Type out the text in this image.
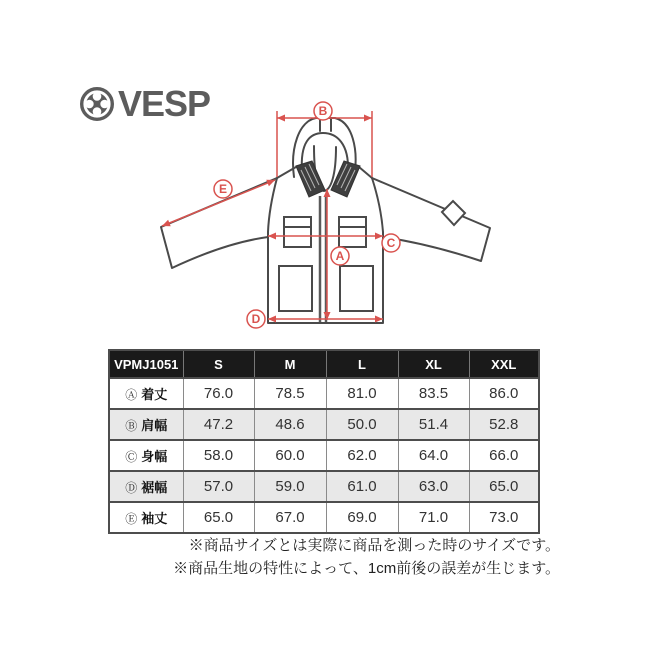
VESP	B
E
C
A
D
VPMJ1051	S	M	L	XL	XXL
Ⓐ 着丈	76.0	78.5	81.0	83.5	86.0
Ⓑ 肩幅	47.2	48.6	50.0	51.4	52.8
Ⓒ 身幅	58.0	60.0	62.0	64.0	66.0
Ⓓ 裾幅	57.0	59.0	61.0	63.0	65.0
Ⓔ 袖丈	65.0	67.0	69.0	71.0	73.0
※商品サイズとは実際に商品を測った時のサイズです。
※商品生地の特性によって、1cm前後の誤差が生じます。
